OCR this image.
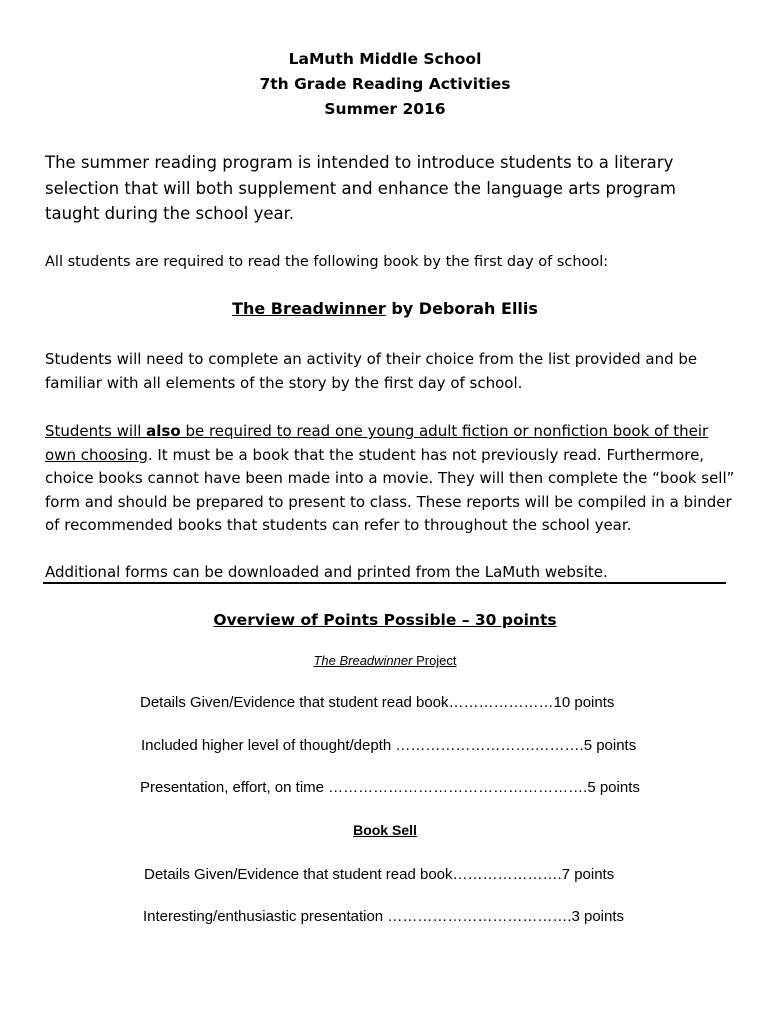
LaMuth Middle School
7th Grade Reading Activities
Summer 2016
The summer reading program is intended to introduce students to a literary selection that will both supplement and enhance the language arts program taught during the school year.
All students are required to read the following book by the first day of school:
The Breadwinner by Deborah Ellis
Students will need to complete an activity of their choice from the list provided and be familiar with all elements of the story by the first day of school.
Students will also be required to read one young adult fiction or nonfiction book of their own choosing. It must be a book that the student has not previously read. Furthermore, choice books cannot have been made into a movie. They will then complete the “book sell” form and should be prepared to present to class. These reports will be compiled in a binder of recommended books that students can refer to throughout the school year.
Additional forms can be downloaded and printed from the LaMuth website.
Overview of Points Possible – 30 points
The Breadwinner Project
Details Given/Evidence that student read book…………………10 points
Included higher level of thought/depth ……………………….……….5 points
Presentation, effort, on time …………………………………………….5 points
Book Sell
Details Given/Evidence that student read book………………….7 points
Interesting/enthusiastic presentation ……………………………….3 points
